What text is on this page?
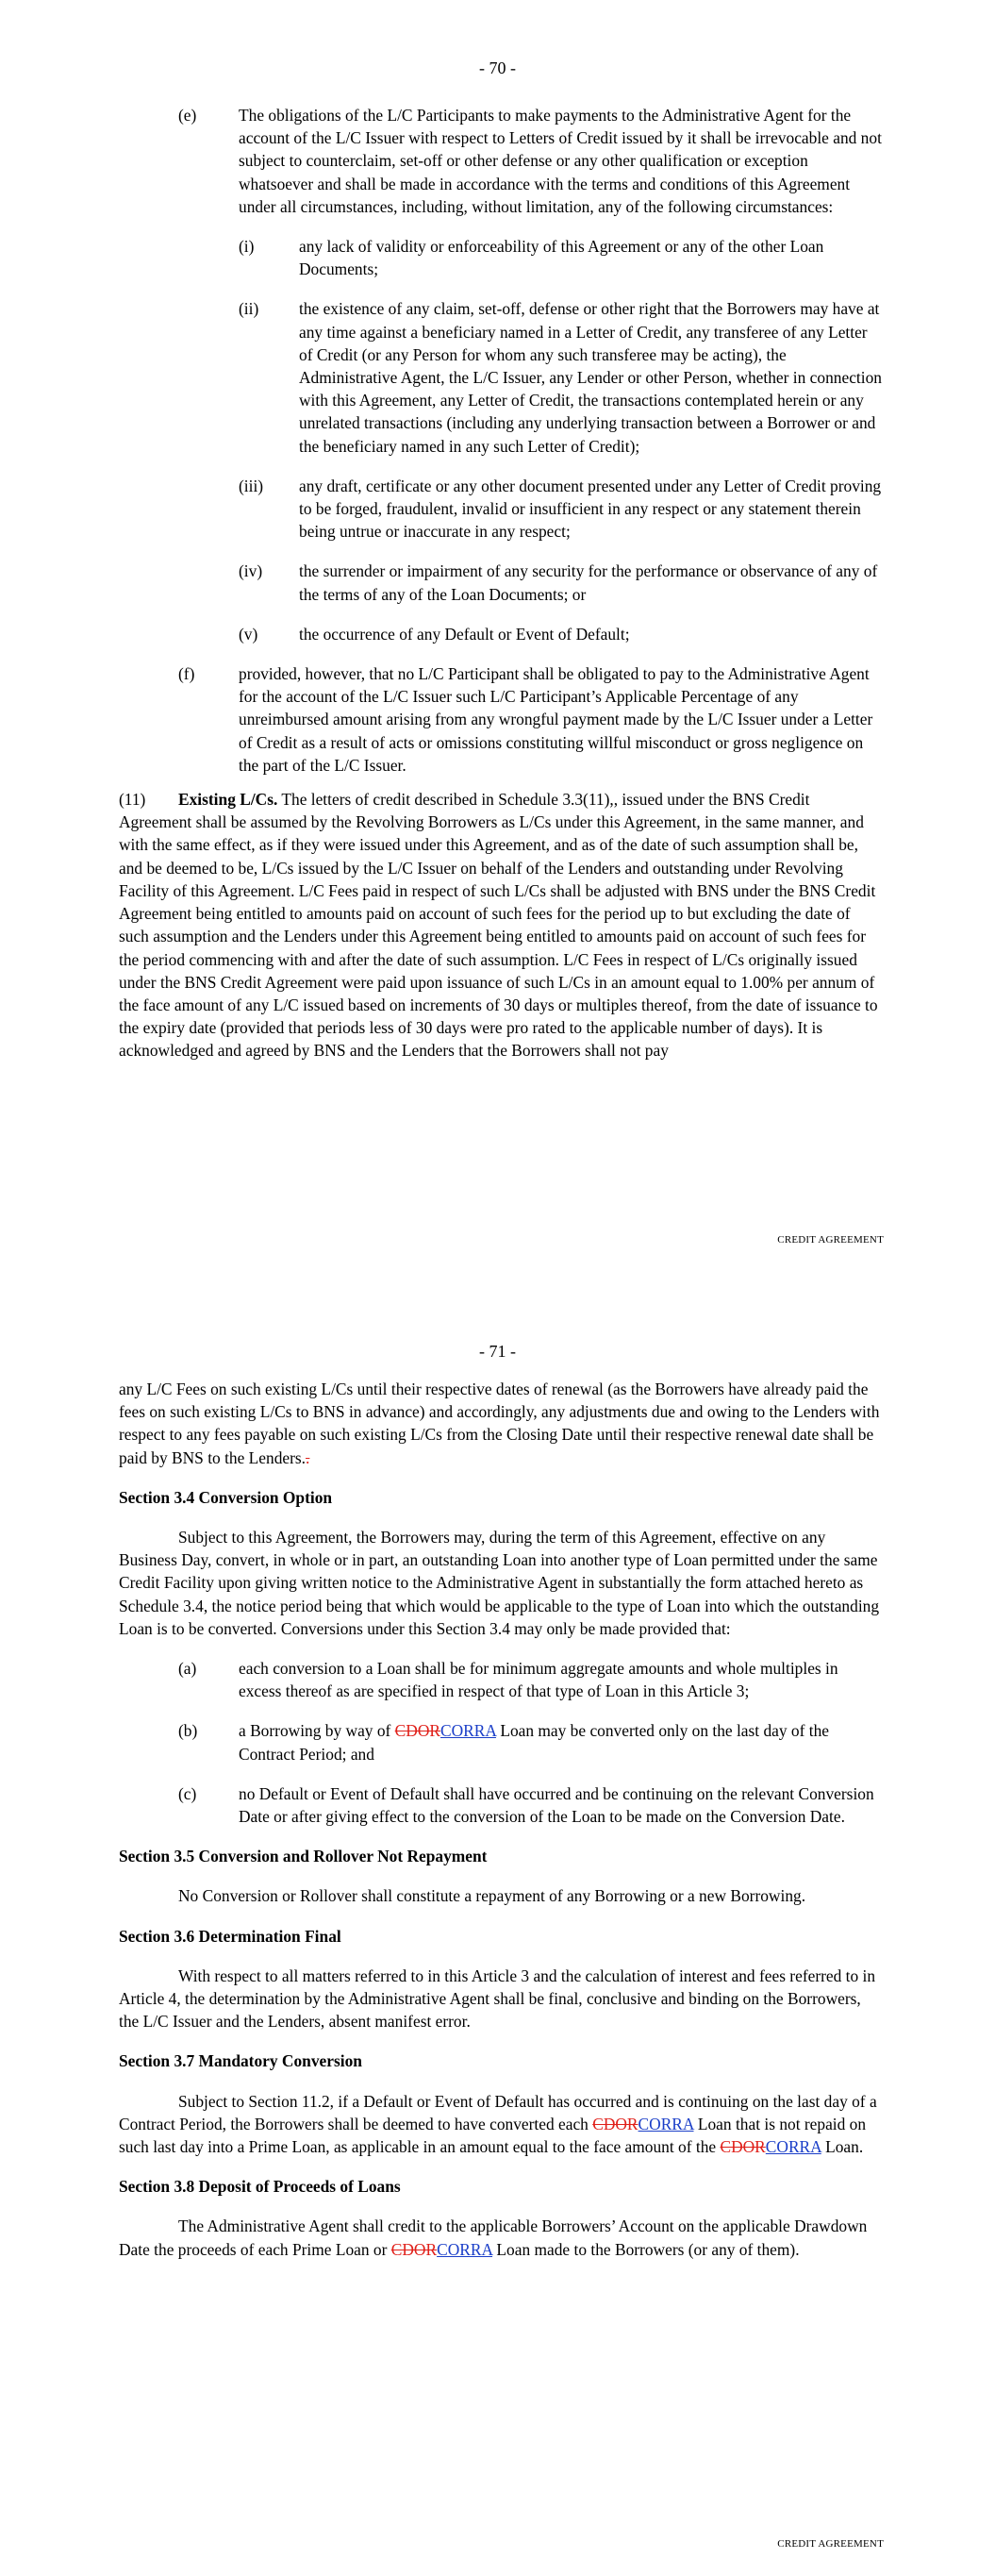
- 70 -
(e)	The obligations of the L/C Participants to make payments to the Administrative Agent for the account of the L/C Issuer with respect to Letters of Credit issued by it shall be irrevocable and not subject to counterclaim, set-off or other defense or any other qualification or exception whatsoever and shall be made in accordance with the terms and conditions of this Agreement under all circumstances, including, without limitation, any of the following circumstances:

(i)	any lack of validity or enforceability of this Agreement or any of the other Loan Documents;

(ii) the existence of any claim, set-off, defense or other right that the Borrowers may have at any time against a beneficiary named in a Letter of Credit, any transferee of any Letter of Credit (or any Person for whom any such transferee may be acting), the Administrative Agent, the L/C Issuer, any Lender or other Person, whether in connection with this Agreement, any Letter of Credit, the transactions contemplated herein or any unrelated transactions (including any underlying transaction between a Borrower or and the beneficiary named in any such Letter of Credit);

(iii) any draft, certificate or any other document presented under any Letter of Credit proving to be forged, fraudulent, invalid or insufficient in any respect or any statement therein being untrue or inaccurate in any respect;

(iv) the surrender or impairment of any security for the performance or observance of any of the terms of any of the Loan Documents; or

(v)	the occurrence of any Default or Event of Default;

(f)	provided, however, that no L/C Participant shall be obligated to pay to the Administrative Agent for the account of the L/C Issuer such L/C Participant’s Applicable Percentage of any unreimbursed amount arising from any wrongful payment made by the L/C Issuer under a Letter of Credit as a result of acts or omissions constituting willful misconduct or gross negligence on the part of the L/C Issuer.

(11) Existing L/Cs. The letters of credit described in Schedule 3.3(11),, issued under the BNS Credit Agreement shall be assumed by the Revolving Borrowers as L/Cs under this Agreement, in the same manner, and with the same effect, as if they were issued under this Agreement, and as of the date of such assumption shall be, and be deemed to be, L/Cs issued by the L/C Issuer on behalf of the Lenders and outstanding under Revolving Facility of this Agreement. L/C Fees paid in respect of such L/Cs shall be adjusted with BNS under the BNS Credit Agreement being entitled to amounts paid on account of such fees for the period up to but excluding the date of such assumption and the Lenders under this Agreement being entitled to amounts paid on account of such fees for the period commencing with and after the date of such assumption. L/C Fees in respect of L/Cs originally issued under the BNS Credit Agreement were paid upon issuance of such L/Cs in an amount equal to 1.00% per annum of the face amount of any L/C issued based on increments of 30 days or multiples thereof, from the date of issuance to the expiry date (provided that periods less of 30 days were pro rated to the applicable number of days). It is acknowledged and agreed by BNS and the Lenders that the Borrowers shall not pay

CREDIT AGREEMENT
- 71 -

any L/C Fees on such existing L/Cs until their respective dates of renewal (as the Borrowers have already paid the fees on such existing L/Cs to BNS in advance) and accordingly, any adjustments due and owing to the Lenders with respect to any fees payable on such existing L/Cs from the Closing Date until their respective renewal date shall be paid by BNS to the Lenders..

Section 3.4 Conversion Option

Subject to this Agreement, the Borrowers may, during the term of this Agreement, effective on any Business Day, convert, in whole or in part, an outstanding Loan into another type of Loan permitted under the same Credit Facility upon giving written notice to the Administrative Agent in substantially the form attached hereto as Schedule 3.4, the notice period being that which would be applicable to the type of Loan into which the outstanding Loan is to be converted. Conversions under this Section 3.4 may only be made provided that:

(a)	each conversion to a Loan shall be for minimum aggregate amounts and whole multiples in excess thereof as are specified in respect of that type of Loan in this Article 3;

(b)	a Borrowing by way of CDORCORRA Loan may be converted only on the last day of the Contract Period; and

(c)	no Default or Event of Default shall have occurred and be continuing on the relevant Conversion Date or after giving effect to the conversion of the Loan to be made on the Conversion Date.

Section 3.5 Conversion and Rollover Not Repayment

No Conversion or Rollover shall constitute a repayment of any Borrowing or a new Borrowing.

Section 3.6 Determination Final

With respect to all matters referred to in this Article 3 and the calculation of interest and fees referred to in Article 4, the determination by the Administrative Agent shall be final, conclusive and binding on the Borrowers, the L/C Issuer and the Lenders, absent manifest error.

Section 3.7 Mandatory Conversion

Subject to Section 11.2, if a Default or Event of Default has occurred and is continuing on the last day of a Contract Period, the Borrowers shall be deemed to have converted each CDORCORRA Loan that is not repaid on such last day into a Prime Loan, as applicable in an amount equal to the face amount of the CDORCORRA Loan.

Section 3.8 Deposit of Proceeds of Loans

The Administrative Agent shall credit to the applicable Borrowers’ Account on the applicable Drawdown Date the proceeds of each Prime Loan or CDORCORRA Loan made to the Borrowers (or any of them).

CREDIT AGREEMENT
